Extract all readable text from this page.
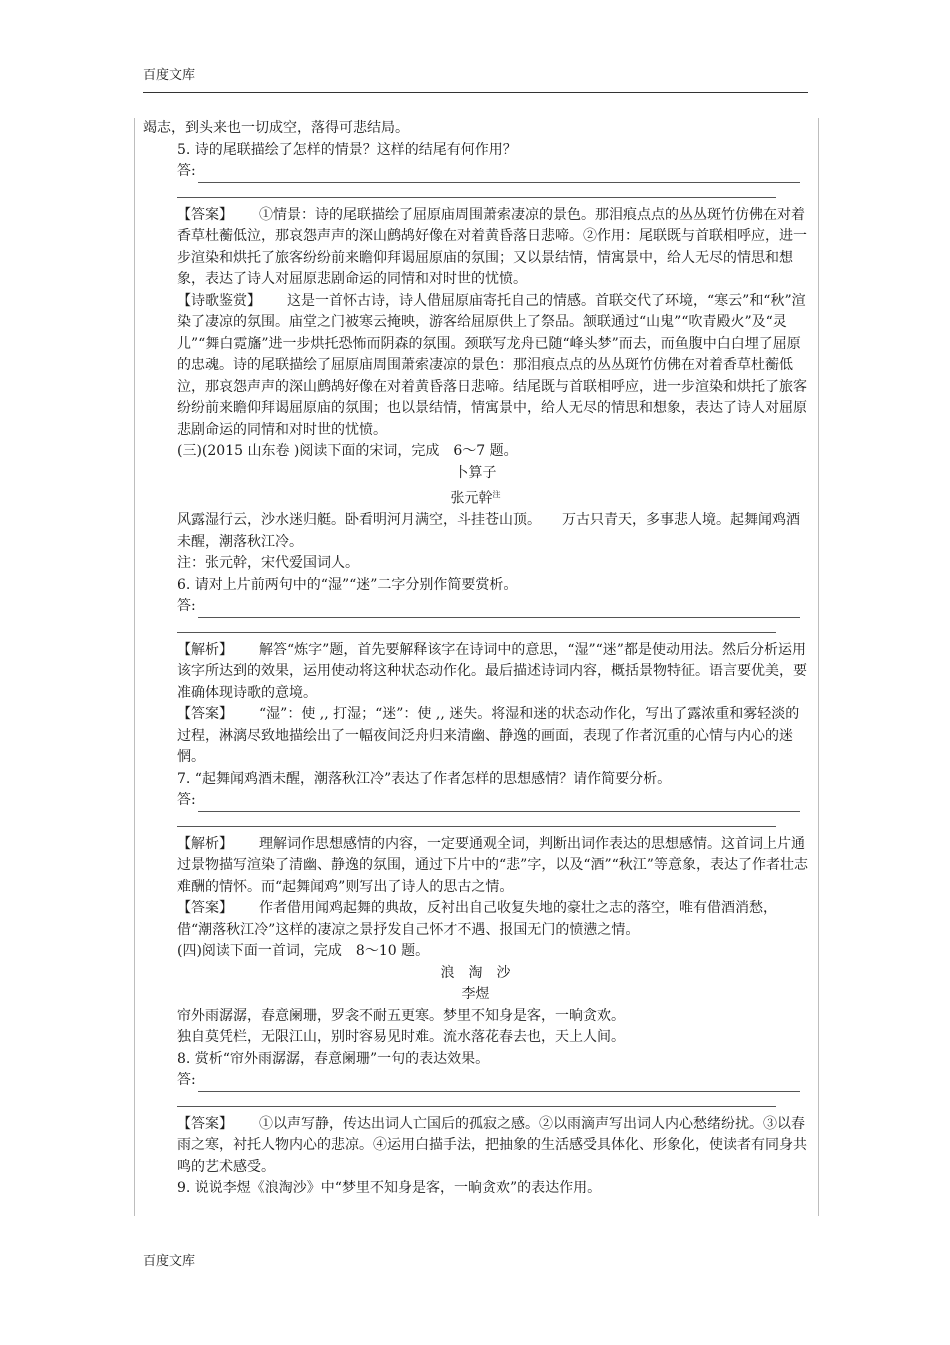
百度文库

竭志，到头来也一切成空，落得可悲结局。

5. 诗的尾联描绘了怎样的情景？这样的结尾有何作用？

答:

【答案】 ①情景：诗的尾联描绘了屈原庙周围萧索凄凉的景色。那泪痕点点的丛丛斑竹仿佛在对着香草杜蘅低泣，那哀怨声声的深山鹧鸪好像在对着黄昏落日悲啼。②作用：尾联既与首联相呼应，进一步渲染和烘托了旅客纷纷前来瞻仰拜谒屈原庙的氛围；又以景结情，情寓景中，给人无尽的情思和想象，表达了诗人对屈原悲剧命运的同情和对时世的忧愤。

【诗歌鉴赏】 这是一首怀古诗，诗人借屈原庙寄托自己的情感。首联交代了环境，“寒云”和“秋”渲染了凄凉的氛围。庙堂之门被寒云掩映，游客给屈原供上了祭品。颔联通过“山鬼”“吹青殿火”及“灵儿”“舞白霓旛”进一步烘托恐怖而阴森的氛围。颈联写龙舟已随“峰头梦”而去，而鱼腹中白白埋了屈原的忠魂。诗的尾联描绘了屈原庙周围萧索凄凉的景色：那泪痕点点的丛丛斑竹仿佛在对着香草杜蘅低泣，那哀怨声声的深山鹧鸪好像在对着黄昏落日悲啼。结尾既与首联相呼应，进一步渲染和烘托了旅客纷纷前来瞻仰拜谒屈原庙的氛围；也以景结情，情寓景中，给人无尽的情思和想象，表达了诗人对屈原悲剧命运的同情和对时世的忧愤。

(三)(2015 山东卷 )阅读下面的宋词，完成　6～7 题。

卜算子

张元幹$^注$

风露湿行云，沙水迷归艇。卧看明河月满空，斗挂苍山顶。　　万古只青天，多事悲人境。起舞闻鸡酒未醒，潮落秋江冷。

注：张元幹，宋代爱国词人。

6. 请对上片前两句中的“湿”“迷”二字分别作简要赏析。

答:

【解析】 解答“炼字”题，首先要解释该字在诗词中的意思，“湿”“迷”都是使动用法。然后分析运用该字所达到的效果，运用使动将这种状态动作化。最后描述诗词内容，概括景物特征。语言要优美，要准确体现诗歌的意境。

【答案】 “湿”：使 ,, 打湿；“迷”：使 ,, 迷失。将湿和迷的状态动作化，写出了露浓重和雾轻淡的过程，淋漓尽致地描绘出了一幅夜间泛舟归来清幽、静逸的画面，表现了作者沉重的心情与内心的迷惘。

7. “起舞闻鸡酒未醒，潮落秋江冷”表达了作者怎样的思想感情？请作简要分析。

答:

【解析】 理解词作思想感情的内容，一定要通观全词，判断出词作表达的思想感情。这首词上片通过景物描写渲染了清幽、静逸的氛围，通过下片中的“悲”字，以及“酒”“秋江”等意象，表达了作者壮志难酬的情怀。而“起舞闻鸡”则写出了诗人的思古之情。

【答案】 作者借用闻鸡起舞的典故，反衬出自己收复失地的豪壮之志的落空，唯有借酒消愁，借“潮落秋江冷”这样的凄凉之景抒发自己怀才不遇、报国无门的愤懑之情。

(四)阅读下面一首词，完成　8～10 题。

浪　淘　沙

李煜

帘外雨潺潺，春意阑珊，罗衾不耐五更寒。梦里不知身是客，一晌贪欢。

独自莫凭栏，无限江山，别时容易见时难。流水落花春去也，天上人间。

8. 赏析“帘外雨潺潺，春意阑珊”一句的表达效果。

答:

【答案】 ①以声写静，传达出词人亡国后的孤寂之感。②以雨滴声写出词人内心愁绪纷扰。③以春雨之寒，衬托人物内心的悲凉。④运用白描手法，把抽象的生活感受具体化、形象化，使读者有同身共鸣的艺术感受。

9. 说说李煜《浪淘沙》中“梦里不知身是客，一晌贪欢”的表达作用。

百度文库
